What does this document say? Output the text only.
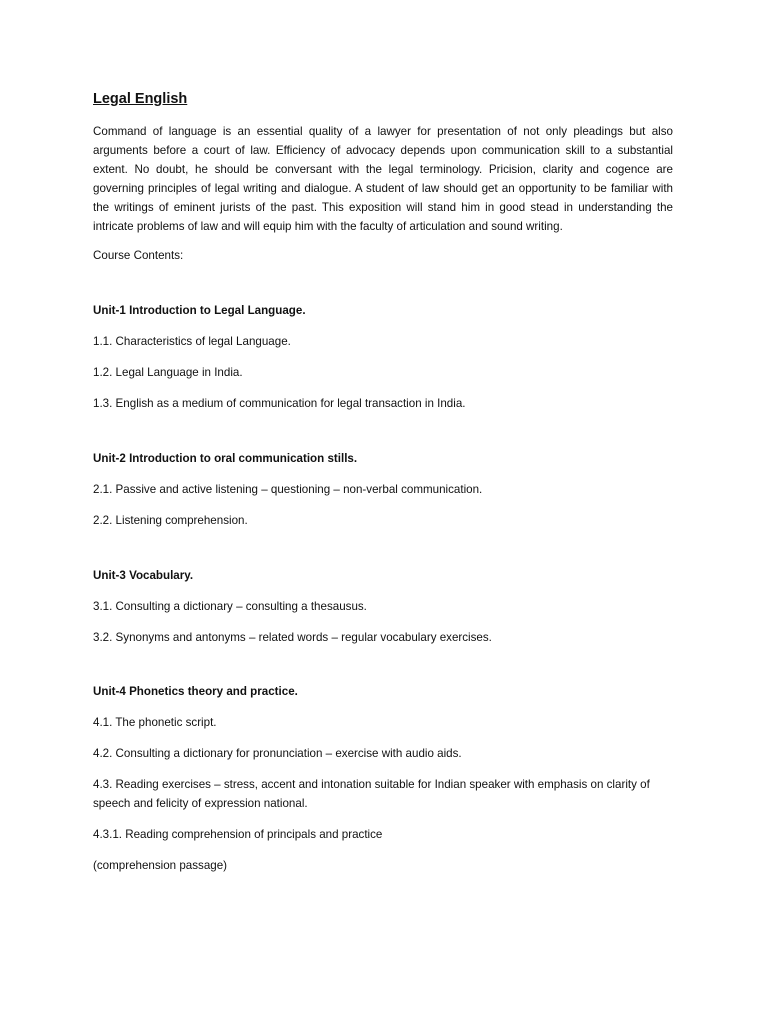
Legal English
Command of language is an essential quality of a lawyer for presentation of not only pleadings but also arguments before a court of law. Efficiency of advocacy depends upon communication skill to a substantial extent. No doubt, he should be conversant with the legal terminology. Pricision, clarity and cogence are governing principles of legal writing and dialogue. A student of law should get an opportunity to be familiar with the writings of eminent jurists of the past. This exposition will stand him in good stead in understanding the intricate problems of law and will equip him with the faculty of articulation and sound writing.
Course Contents:
Unit-1 Introduction to Legal Language.
1.1. Characteristics of legal Language.
1.2. Legal Language in India.
1.3. English as a medium of communication for legal transaction in India.
Unit-2 Introduction to oral communication stills.
2.1. Passive and active listening – questioning – non-verbal communication.
2.2. Listening comprehension.
Unit-3 Vocabulary.
3.1. Consulting a dictionary – consulting a thesausus.
3.2. Synonyms and antonyms – related words – regular vocabulary exercises.
Unit-4 Phonetics theory and practice.
4.1. The phonetic script.
4.2. Consulting a dictionary for pronunciation – exercise with audio aids.
4.3. Reading exercises – stress, accent and intonation suitable for Indian speaker with emphasis on clarity of speech and felicity of expression national.
4.3.1. Reading comprehension of principals and practice
(comprehension passage)
